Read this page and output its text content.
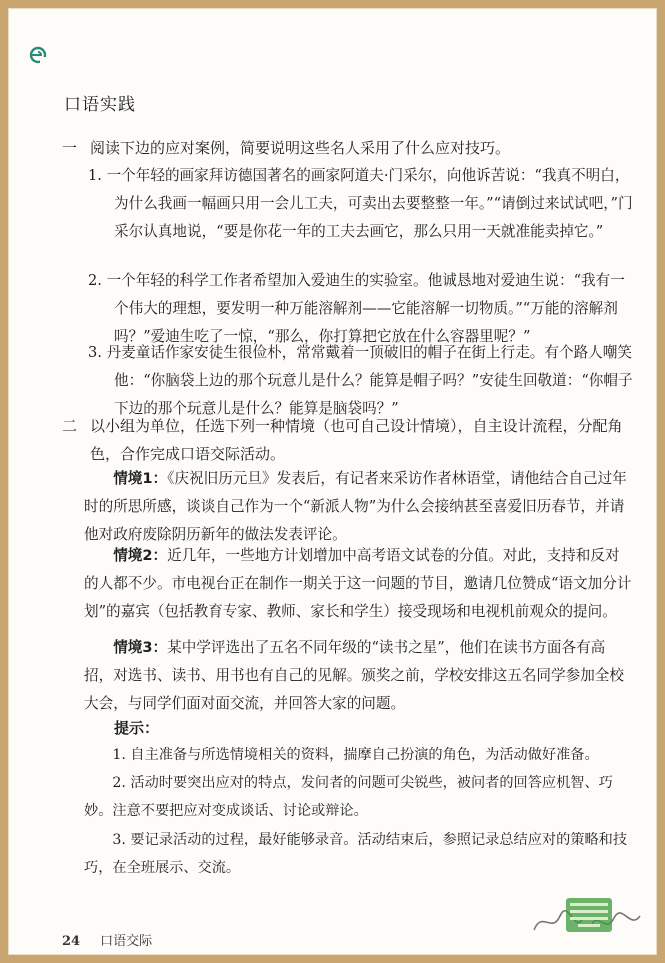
口语实践
一 阅读下边的应对案例，简要说明这些名人采用了什么应对技巧。
1. 一个年轻的画家拜访德国著名的画家阿道夫·门采尔，向他诉苦说：“我真不明白，为什么我画一幅画只用一会儿工夫，可卖出去要整整一年。”“请倒过来试试吧，”门采尔认真地说，“要是你花一年的工夫去画它，那么只用一天就准能卖掉它。”
2. 一个年轻的科学工作者希望加入爱迪生的实验室。他诚恳地对爱迪生说：“我有一个伟大的理想，要发明一种万能溶解剂——它能溶解一切物质。”“万能的溶解剂吗？”爱迪生吃了一惊，“那么，你打算把它放在什么容器里呢？”
3. 丹麦童话作家安徒生很俭朴，常常戴着一顶破旧的帽子在街上行走。有个路人嘲笑他：“你脑袋上边的那个玩意儿是什么？能算是帽子吗？”安徒生回敬道：“你帽子下边的那个玩意儿是什么？能算是脑袋吗？”
二 以小组为单位，任选下列一种情境（也可自己设计情境），自主设计流程，分配角色，合作完成口语交际活动。
情境1：《庆祝旧历元旦》发表后，有记者来采访作者林语堂，请他结合自己过年时的所思所感，谈谈自己作为一个“新派人物”为什么会接纳甚至喜爱旧历春节，并请他对政府废除阴历新年的做法发表评论。
情境2：近几年，一些地方计划增加中高考语文试卷的分值。对此，支持和反对的人都不少。市电视台正在制作一期关于这一问题的节目，邀请几位赞成“语文加分计划”的嘉宾（包括教育专家、教师、家长和学生）接受现场和电视机前观众的提问。
情境3：某中学评选出了五名不同年级的“读书之星”，他们在读书方面各有高招，对选书、读书、用书也有自己的见解。颁奖之前，学校安排这五名同学参加全校大会，与同学们面对面交流，并回答大家的问题。
提示：
1. 自主准备与所选情境相关的资料，揣摩自己扮演的角色，为活动做好准备。
2. 活动时要突出应对的特点，发问者的问题可尖锐些，被问者的回答应机智、巧妙。注意不要把应对变成谈话、讨论或辩论。
3. 要记录活动的过程，最好能够录音。活动结束后，参照记录总结应对的策略和技巧，在全班展示、交流。
24 口语交际
